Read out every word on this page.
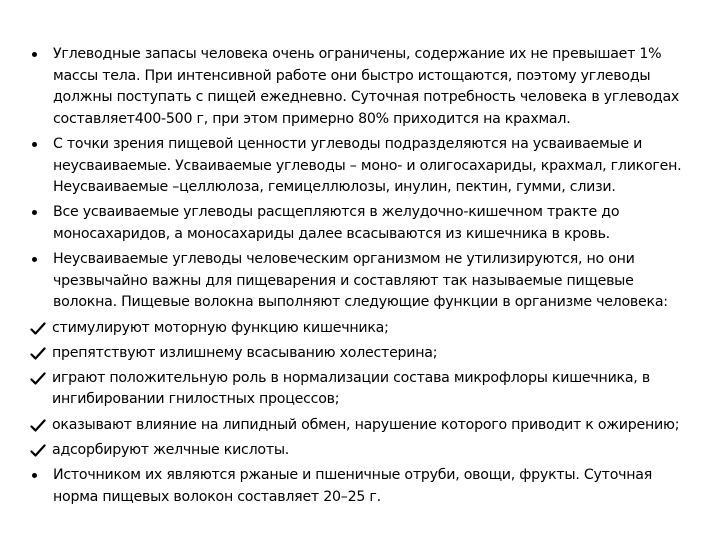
Углеводные запасы человека очень ограничены, содержание их не превышает 1% массы тела. При интенсивной работе они быстро истощаются, поэтому углеводы должны поступать с пищей ежедневно. Суточная потребность человека в углеводах составляет400-500 г, при этом примерно 80% приходится на крахмал.
С точки зрения пищевой ценности углеводы подразделяются на усваиваемые и неусваиваемые. Усваиваемые углеводы – моно- и олигосахариды, крахмал, гликоген. Неусваиваемые –целлюлоза, гемицеллюлозы, инулин, пектин, гумми, слизи.
Все усваиваемые углеводы расщепляются в желудочно-кишечном тракте до моносахаридов, а моносахариды далее всасываются из кишечника в кровь.
Неусваиваемые углеводы человеческим организмом не утилизируются, но они чрезвычайно важны для пищеварения и составляют так называемые пищевые волокна. Пищевые волокна выполняют следующие функции в организме человека:
стимулируют моторную функцию кишечника;
препятствуют излишнему всасыванию холестерина;
играют положительную роль в нормализации состава микрофлоры кишечника, в ингибировании гнилостных процессов;
оказывают влияние на липидный обмен, нарушение которого приводит к ожирению;
адсорбируют желчные кислоты.
Источником их являются ржаные и пшеничные отруби, овощи, фрукты. Суточная норма пищевых волокон составляет 20–25 г.
